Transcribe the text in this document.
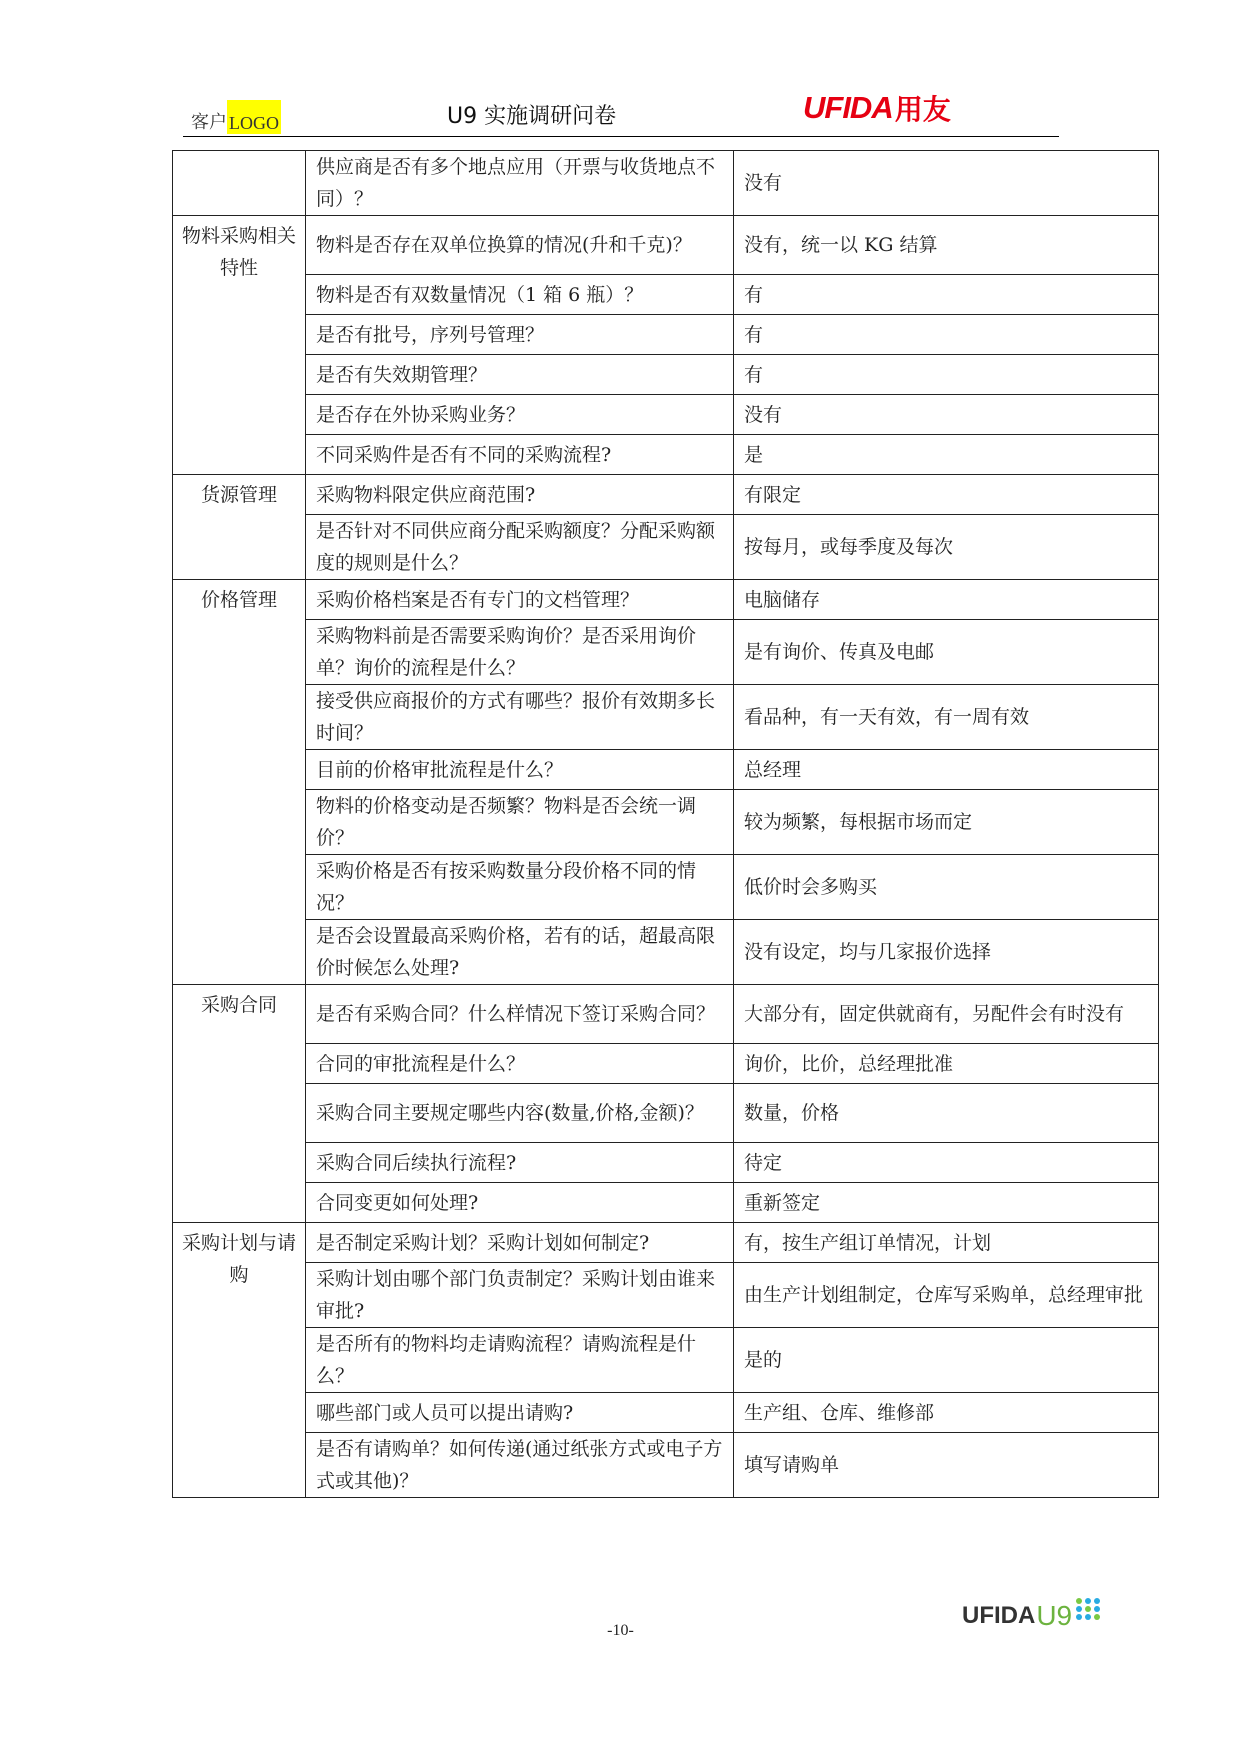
客户 LOGO	U9 实施调研问卷	UFIDA 用友
	供应商是否有多个地点应用（开票与收货地点不同）？	没有
物料采购相关特性	物料是否存在双单位换算的情况(升和千克)？	没有，统一以 KG 结算
	物料是否有双数量情况（1 箱 6 瓶）？	有
	是否有批号，序列号管理？	有
	是否有失效期管理？	有
	是否存在外协采购业务？	没有
	不同采购件是否有不同的采购流程?	是
货源管理	采购物料限定供应商范围?	有限定
	是否针对不同供应商分配采购额度？分配采购额度的规则是什么？	按每月，或每季度及每次
价格管理	采购价格档案是否有专门的文档管理？	电脑储存
	采购物料前是否需要采购询价？是否采用询价单？询价的流程是什么？	是有询价、传真及电邮
	接受供应商报价的方式有哪些？报价有效期多长时间？	看品种，有一天有效，有一周有效
	目前的价格审批流程是什么？	总经理
	物料的价格变动是否频繁？物料是否会统一调价？	较为频繁，每根据市场而定
	采购价格是否有按采购数量分段价格不同的情况？	低价时会多购买
	是否会设置最高采购价格，若有的话，超最高限价时候怎么处理?	没有设定，均与几家报价选择
采购合同	是否有采购合同？什么样情况下签订采购合同？	大部分有，固定供就商有，另配件会有时没有
	合同的审批流程是什么？	询价，比价，总经理批准
	采购合同主要规定哪些内容(数量,价格,金额)？	数量，价格
	采购合同后续执行流程?	待定
	合同变更如何处理?	重新签定
采购计划与请购	是否制定采购计划？采购计划如何制定?	有，按生产组订单情况，计划
	采购计划由哪个部门负责制定？采购计划由谁来审批?	由生产计划组制定，仓库写采购单，总经理审批
	是否所有的物料均走请购流程？请购流程是什么？	是的
	哪些部门或人员可以提出请购?	生产组、仓库、维修部
	是否有请购单？如何传递(通过纸张方式或电子方式或其他)？	填写请购单
-10-
UFIDA U9
